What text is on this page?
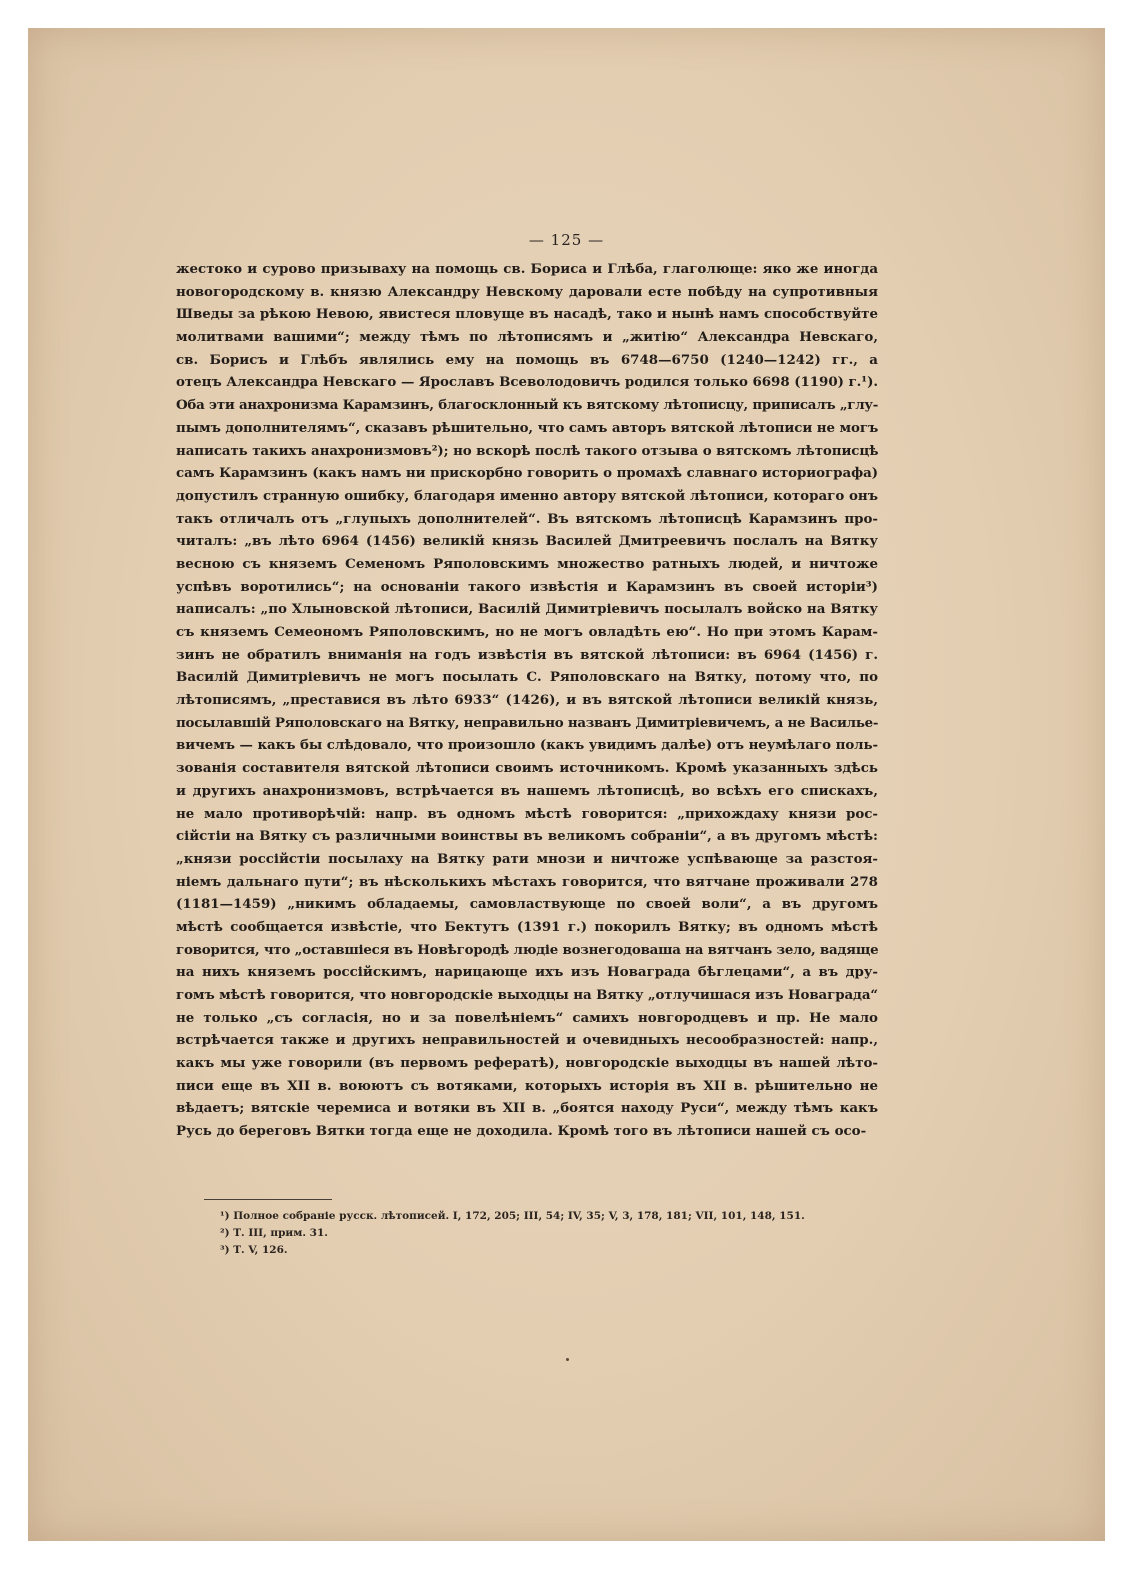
— 125 —
жестоко и сурово призываху на помощь св. Бориса и Глѣба, глаголюще: яко же иногда
новогородскому в. князю Александру Невскому даровали есте побѣду на супротивныя
Шведы за рѣкою Невою, явистеся пловуще въ насадѣ, тако и нынѣ намъ способствуйте
молитвами вашими“; между тѣмъ по лѣтописямъ и „житію“ Александра Невскаго,
св. Борисъ и Глѣбъ являлись ему на помощь въ 6748—6750 (1240—1242) гг., а
отецъ Александра Невскаго — Ярославъ Всеволодовичъ родился только 6698 (1190) г.¹).
Оба эти анахронизма Карамзинъ, благосклонный къ вятскому лѣтописцу, приписалъ „глу-
пымъ дополнителямъ“, сказавъ рѣшительно, что самъ авторъ вятской лѣтописи не могъ
написать такихъ анахронизмовъ²); но вскорѣ послѣ такого отзыва о вятскомъ лѣтописцѣ
самъ Карамзинъ (какъ намъ ни прискорбно говорить о промахѣ славнаго историографа)
допустилъ странную ошибку, благодаря именно автору вятской лѣтописи, котораго онъ
такъ отличалъ отъ „глупыхъ дополнителей“. Въ вятскомъ лѣтописцѣ Карамзинъ про-
читалъ: „въ лѣто 6964 (1456) великій князь Василей Дмитреевичъ послалъ на Вятку
весною съ княземъ Семеномъ Ряполовскимъ множество ратныхъ людей, и ничтоже
успѣвъ воротились“; на основаніи такого извѣстія и Карамзинъ въ своей исторіи³)
написалъ: „по Хлыновской лѣтописи, Василій Димитріевичъ посылалъ войско на Вятку
съ княземъ Семеономъ Ряполовскимъ, но не могъ овладѣть ею“. Но при этомъ Карам-
зинъ не обратилъ вниманія на годъ извѣстія въ вятской лѣтописи: въ 6964 (1456) г.
Василій Димитріевичъ не могъ посылать С. Ряполовскаго на Вятку, потому что, по
лѣтописямъ, „преставися въ лѣто 6933“ (1426), и въ вятской лѣтописи великій князь,
посылавшій Ряполовскаго на Вятку, неправильно названъ Димитріевичемъ, а не Василье-
вичемъ — какъ бы слѣдовало, что произошло (какъ увидимъ далѣе) отъ неумѣлаго поль-
зованія составителя вятской лѣтописи своимъ источникомъ. Кромѣ указанныхъ здѣсь
и другихъ анахронизмовъ, встрѣчается въ нашемъ лѣтописцѣ, во всѣхъ его спискахъ,
не мало противорѣчій: напр. въ одномъ мѣстѣ говорится: „прихождаху князи рос-
сійстіи на Вятку съ различными воинствы въ великомъ собраніи“, а въ другомъ мѣстѣ:
„князи россійстіи посылаху на Вятку рати мнози и ничтоже успѣвающе за разстоя-
ніемъ дальнаго пути“; въ нѣсколькихъ мѣстахъ говорится, что вятчане проживали 278
(1181—1459) „никимъ обладаемы, самовластвующе по своей воли“, а въ другомъ
мѣстѣ сообщается извѣстіе, что Бектутъ (1391 г.) покорилъ Вятку; въ одномъ мѣстѣ
говорится, что „оставшіеся въ Новѣгородѣ людіе вознегодоваша на вятчанъ зело, вадяще
на нихъ княземъ россійскимъ, нарицающе ихъ изъ Новаграда бѣглецами“, а въ дру-
гомъ мѣстѣ говорится, что новгородскіе выходцы на Вятку „отлучишася изъ Новаграда“
не только „съ согласія, но и за повелѣніемъ“ самихъ новгородцевъ и пр. Не мало
встрѣчается также и другихъ неправильностей и очевидныхъ несообразностей: напр.,
какъ мы уже говорили (въ первомъ рефератѣ), новгородскіе выходцы въ нашей лѣто-
писи еще въ XII в. воюютъ съ вотяками, которыхъ исторія въ XII в. рѣшительно не
вѣдаетъ; вятскіе черемиса и вотяки въ XII в. „боятся находу Руси“, между тѣмъ какъ
Русь до береговъ Вятки тогда еще не доходила. Кромѣ того въ лѣтописи нашей съ осо-
¹) Полное собраніе русск. лѣтописей. I, 172, 205; III, 54; IV, 35; V, 3, 178, 181; VII, 101, 148, 151.
²) Т. III, прим. 31.
³) Т. V, 126.
